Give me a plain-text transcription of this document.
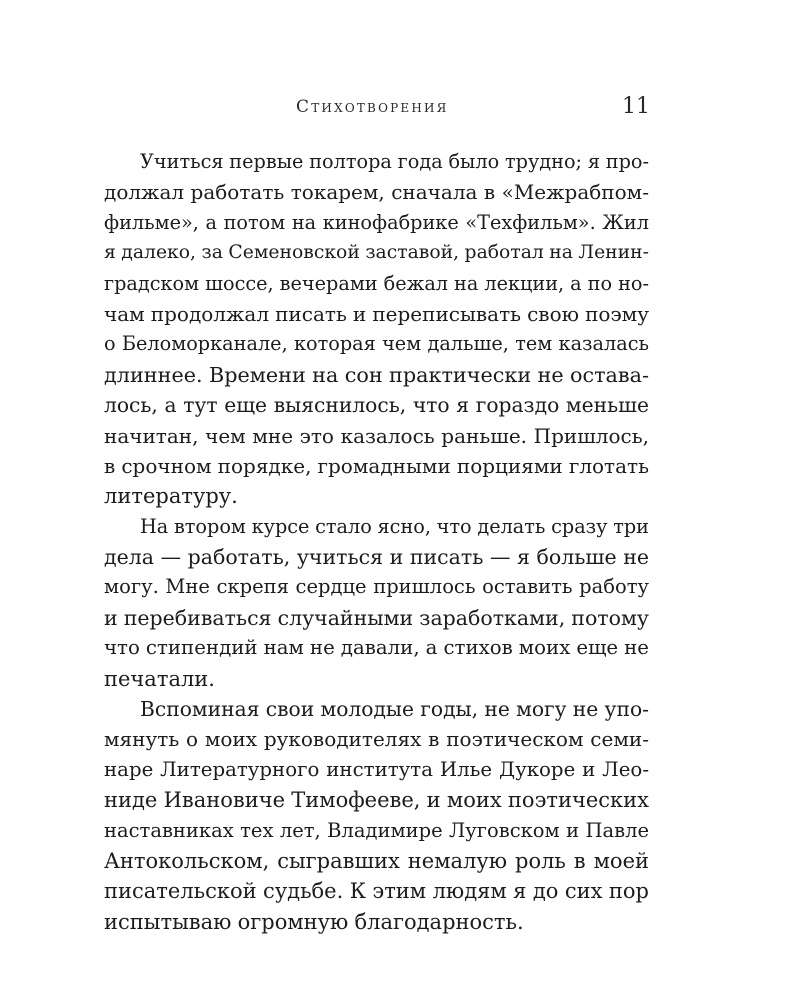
Стихотворения	11
Учиться первые полтора года было трудно; я про-
должал работать токарем, сначала в «Межрабпом-
фильме», а потом на кинофабрике «Техфильм». Жил
я далеко, за Семеновской заставой, работал на Ленин-
градском шоссе, вечерами бежал на лекции, а по но-
чам продолжал писать и переписывать свою поэму
о Беломорканале, которая чем дальше, тем казалась
длиннее. Времени на сон практически не остава-
лось, а тут еще выяснилось, что я гораздо меньше
начитан, чем мне это казалось раньше. Пришлось,
в срочном порядке, громадными порциями глотать
литературу.
На втором курсе стало ясно, что делать сразу три
дела — работать, учиться и писать — я больше не
могу. Мне скрепя сердце пришлось оставить работу
и перебиваться случайными заработками, потому
что стипендий нам не давали, а стихов моих еще не
печатали.
Вспоминая свои молодые годы, не могу не упо-
мянуть о моих руководителях в поэтическом семи-
наре Литературного института Илье Дукоре и Лео-
ниде Ивановиче Тимофееве, и моих поэтических
наставниках тех лет, Владимире Луговском и Павле
Антокольском, сыгравших немалую роль в моей
писательской судьбе. К этим людям я до сих пор
испытываю огромную благодарность.
